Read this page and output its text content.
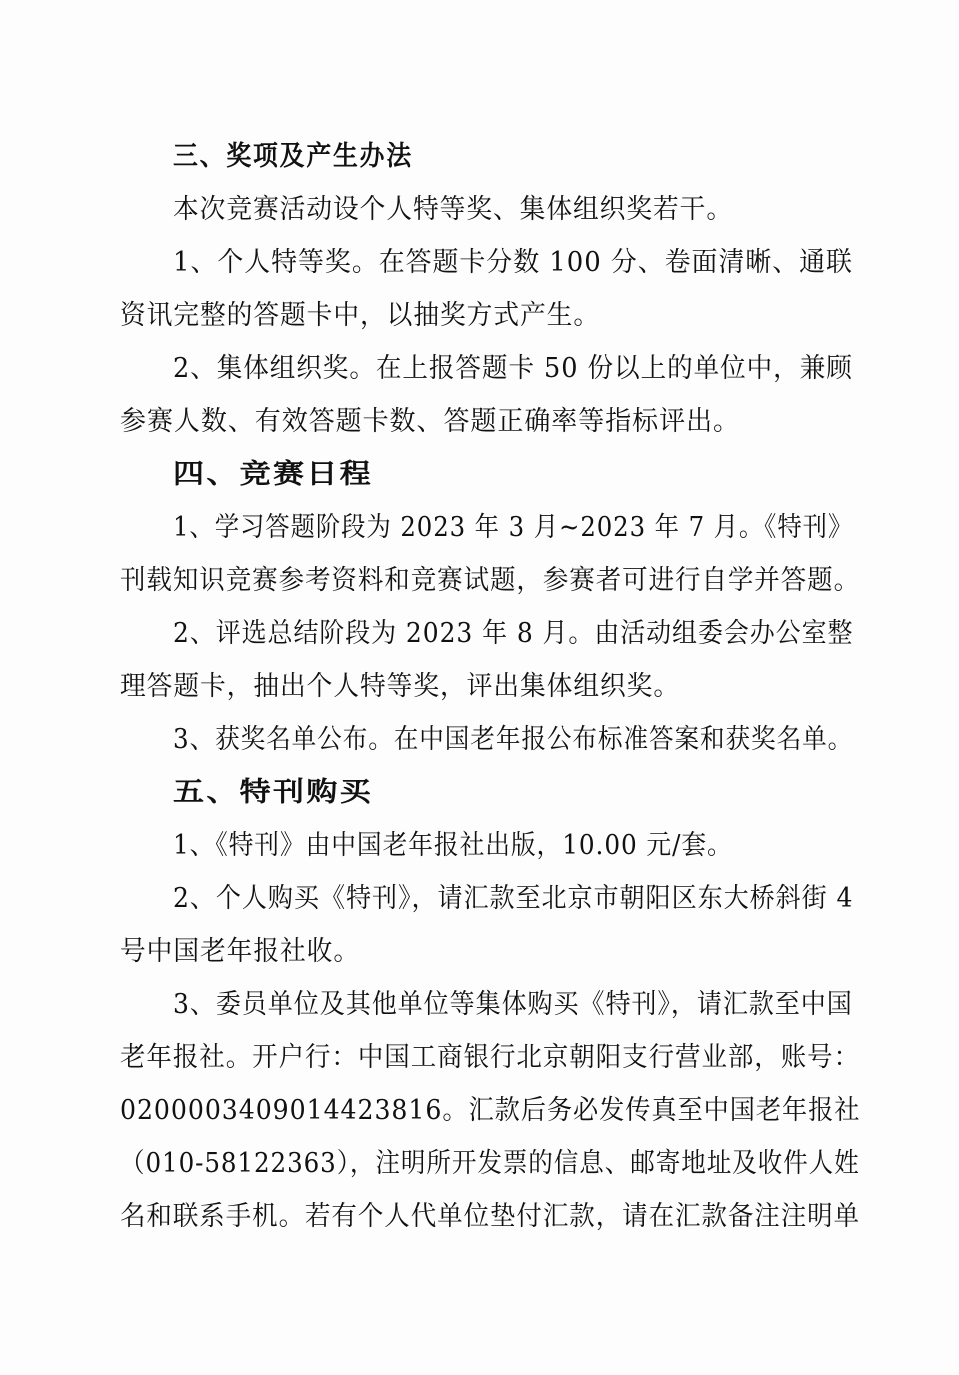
三、奖项及产生办法
本次竞赛活动设个人特等奖、集体组织奖若干。
1、个人特等奖。在答题卡分数 100 分、卷面清晰、通联
资讯完整的答题卡中，以抽奖方式产生。
2、集体组织奖。在上报答题卡 50 份以上的单位中，兼顾
参赛人数、有效答题卡数、答题正确率等指标评出。
四、竞赛日程
1、学习答题阶段为 2023 年 3 月~2023 年 7 月。《特刊》
刊载知识竞赛参考资料和竞赛试题，参赛者可进行自学并答题。
2、评选总结阶段为 2023 年 8 月。由活动组委会办公室整
理答题卡，抽出个人特等奖，评出集体组织奖。
3、获奖名单公布。在中国老年报公布标准答案和获奖名单。
五、特刊购买
1、《特刊》由中国老年报社出版，10.00 元/套。
2、个人购买《特刊》，请汇款至北京市朝阳区东大桥斜街 4
号中国老年报社收。
3、委员单位及其他单位等集体购买《特刊》，请汇款至中国
老年报社。开户行：中国工商银行北京朝阳支行营业部，账号：
0200003409014423816。汇款后务必发传真至中国老年报社
（010-58122363），注明所开发票的信息、邮寄地址及收件人姓
名和联系手机。若有个人代单位垫付汇款，请在汇款备注注明单
